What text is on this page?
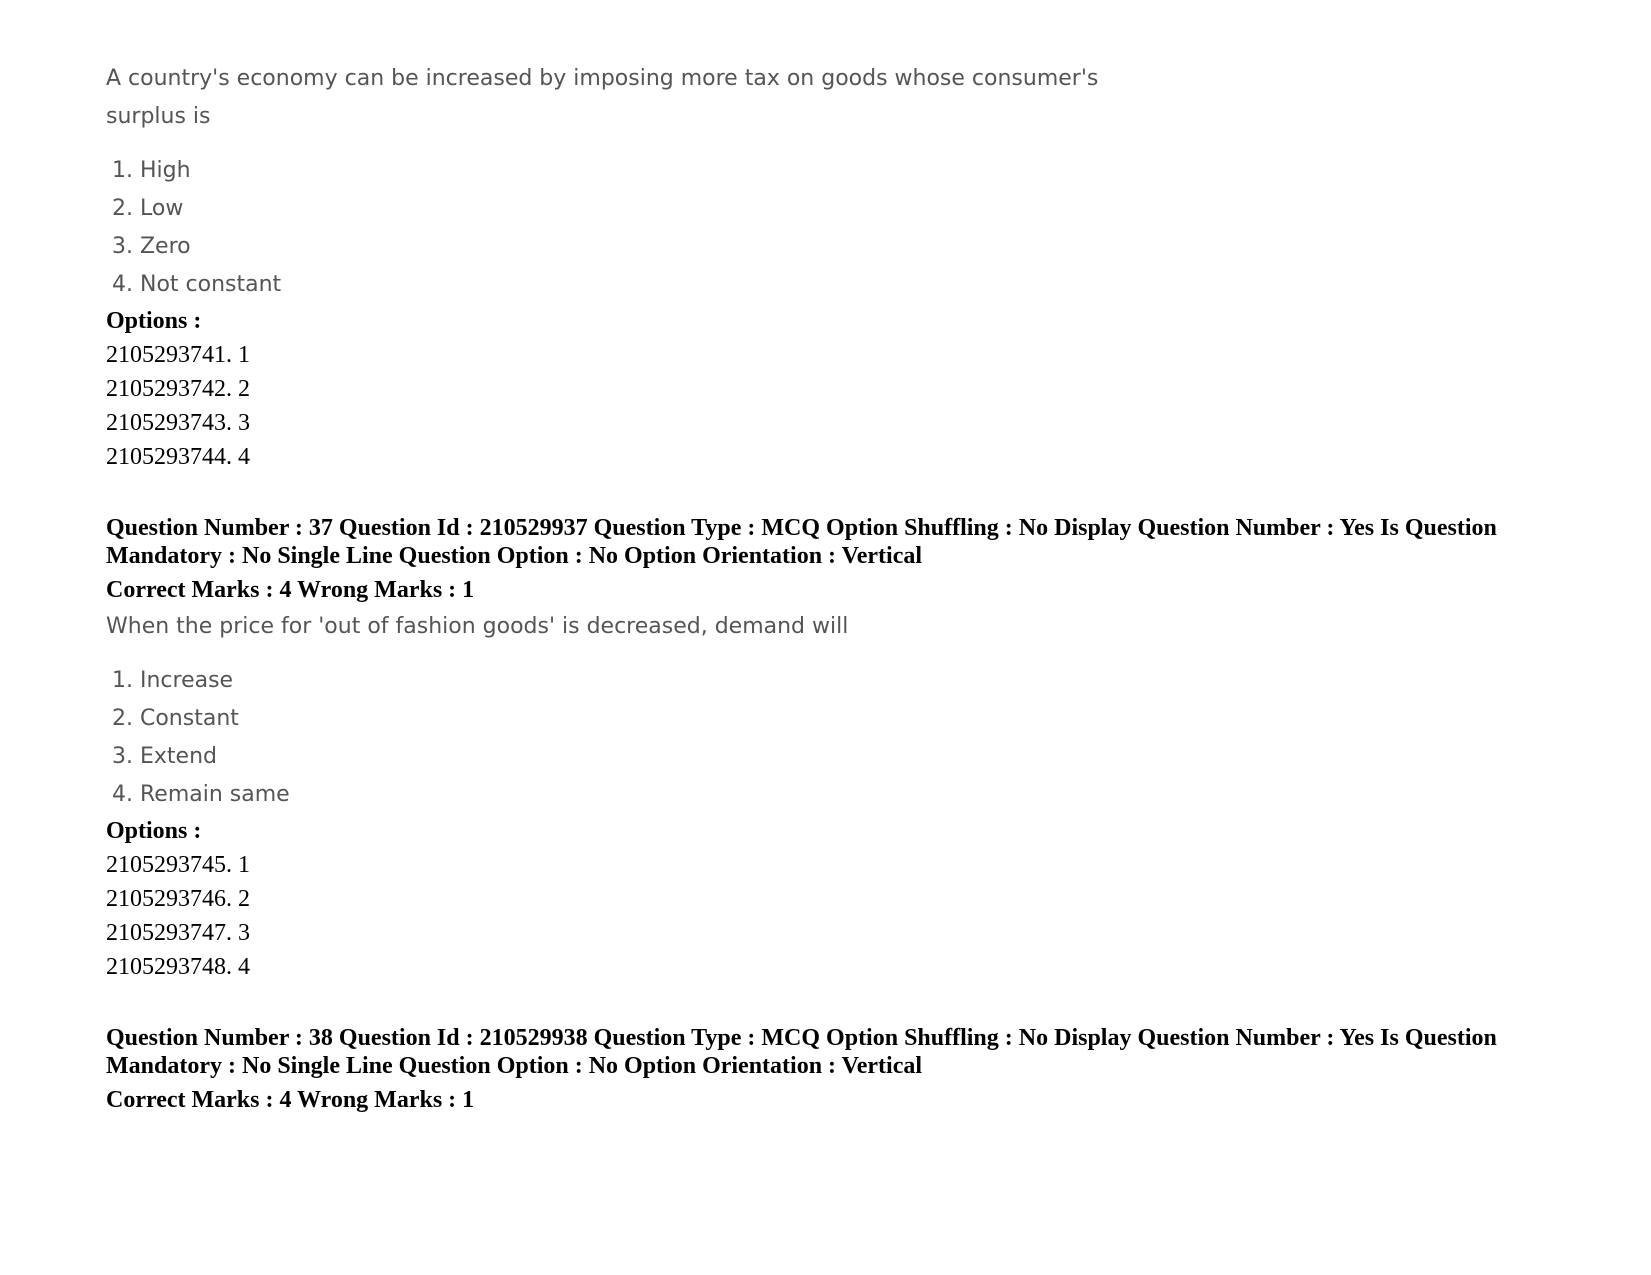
A country's economy can be increased by imposing more tax on goods whose consumer's surplus is

1. High
2. Low
3. Zero
4. Not constant
Options :
2105293741. 1
2105293742. 2
2105293743. 3
2105293744. 4

Question Number : 37 Question Id : 210529937 Question Type : MCQ Option Shuffling : No Display Question Number : Yes Is Question Mandatory : No Single Line Question Option : No Option Orientation : Vertical

Correct Marks : 4 Wrong Marks : 1

When the price for 'out of fashion goods' is decreased, demand will

1. Increase
2. Constant
3. Extend
4. Remain same
Options :
2105293745. 1
2105293746. 2
2105293747. 3
2105293748. 4

Question Number : 38 Question Id : 210529938 Question Type : MCQ Option Shuffling : No Display Question Number : Yes Is Question Mandatory : No Single Line Question Option : No Option Orientation : Vertical

Correct Marks : 4 Wrong Marks : 1
